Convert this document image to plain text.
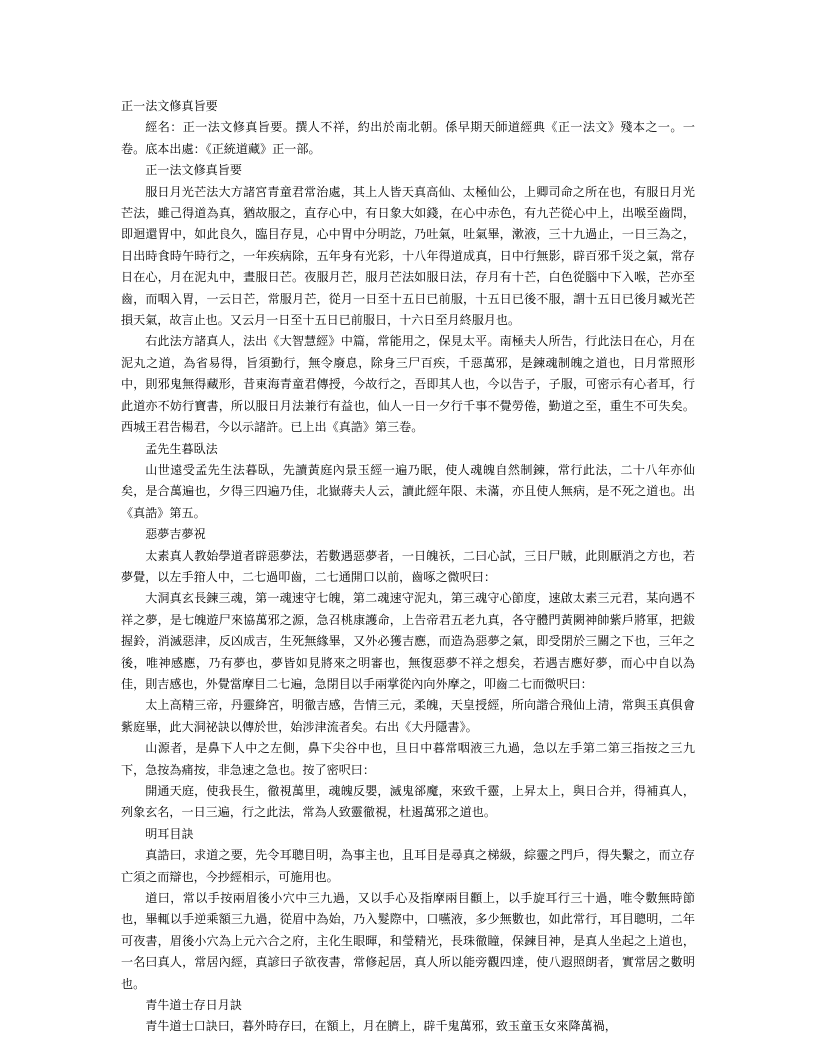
正一法文修真旨要

經名：正一法文修真旨要。撰人不祥，約出於南北朝。係早期天師道經典《正一法文》殘本之一。一卷。底本出處：《正統道藏》正一部。

正一法文修真旨要

服日月光芒法大方諸宮青童君常治處，其上人皆天真高仙、太極仙公，上卿司命之所在也，有服日月光芒法，雖己得道為真，猶故服之，直存心中，有日象大如錢，在心中赤色，有九芒從心中上，出喉至齒問，即迴還胃中，如此良久，臨目存見，心中胃中分明訖，乃吐氣，吐氣畢，漱液，三十九過止，一日三為之，日出時食時午時行之，一年疾病除，五年身有光彩，十八年得道成真，日中行無影，辟百邪千災之氣，常存日在心，月在泥丸中，晝服日芒。夜服月芒，服月芒法如服日法，存月有十芒，白色從腦中下入喉，芒亦至齒，而咽入胃，一云日芒，常服月芒，從月一日至十五日已前服，十五日已後不服，謂十五日已後月臧光芒損天氣，故言止也。又云月一日至十五日已前服日，十六日至月終服月也。

右此法方諸真人，法出《大智慧經》中篇，常能用之，保見太平。南極夫人所告，行此法日在心，月在泥丸之道，為省易得，旨須勤行，無令廢息，除身三尸百疾，千惡萬邪，是鍊魂制魄之道也，日月常照形中，則邪鬼無得藏形，昔東海青童君傳授，今故行之，吾即其人也，今以告子，子服，可密示有心者耳，行此道亦不妨行寶書，所以服日月法兼行有益也，仙人一日一夕行千事不覺勞倦，勤道之至，重生不可失矣。西城王君告楊君，今以示諸許。已上出《真誥》第三卷。

孟先生暮臥法

山世遠受孟先生法暮臥，先讀黃庭內景玉經一遍乃眠，使人魂魄自然制鍊，常行此法，二十八年亦仙矣，是合萬遍也，夕得三四遍乃佳，北嶽蔣夫人云，讀此經年限、未滿，亦且使人無病，是不死之道也。出《真誥》第五。

惡夢吉夢祝

太素真人教始學道者辟惡夢法，若數遇惡夢者，一日魄祅，二曰心試，三日尸賊，此則厭消之方也，若夢覺，以左手箝人中，二七過叩齒，二七通開口以前，齒啄之微呎曰：

大洞真玄長鍊三魂，第一魂速守七魄，第二魂速守泥丸，第三魂守心節度，速啟太素三元君，某向遇不祥之夢，是七魄遊尸來協萬邪之源，急召桃康護命，上告帝君五老九真，各守體門黃闕神帥紫戶將軍，把鈸握鈴，消滅惡津，反凶成吉，生死無緣畢，又外必獲吉應，而造為惡夢之氣，即受閉於三關之下也，三年之後，唯神感應，乃有夢也，夢皆如見將來之明審也，無復惡夢不祥之想矣，若遇吉應好夢，而心中自以為佳，則吉感也，外覺當摩目二七遍，急閉目以手兩掌從內向外摩之，叩齒二七而微呎曰：

太上高精三帝，丹靈絳宮，明徹吉感，告情三元，柔魄，天皇授經，所向諧合飛仙上清，常與玉真俱會紫庭畢，此大洞祕訣以傳於世，始涉津流者矣。右出《大丹隱書》。

山源者，是鼻下人中之左側，鼻下尖谷中也，旦日中暮常咽液三九過，急以左手第二第三指按之三九下，急按為痛按，非急速之急也。按了密呎曰：

開通天庭，使我長生，徹視萬里，魂魄反嬰，滅鬼郤魔，來致千靈，上昇太上，與日合并，得補真人，列象玄名，一日三遍，行之此法，常為人致靈徹視，杜遏萬邪之道也。

明耳目訣

真誥曰，求道之要，先令耳聰目明，為事主也，且耳目是尋真之梯級，綜靈之門戶，得失繫之，而立存亡須之而辯也，今抄經相示，可施用也。

道曰，常以手按兩眉後小穴中三九過，又以手心及指摩兩目顴上，以手旋耳行三十過，唯令數無時節也，畢輒以手逆乘額三九過，從眉中為始，乃入髮際中，口嚥液，多少無數也，如此常行，耳目聰明，二年可夜書，眉後小穴為上元六合之府，主化生眼暉，和瑩精光，長珠徹瞳，保鍊目神，是真人坐起之上道也，一名曰真人，常居內經，真諺曰子欲夜書，常修起居，真人所以能旁觀四達，使八遐照朗者，實常居之數明也。

青牛道士存日月訣

青牛道士口訣曰，暮外時存曰，在額上，月在臍上，辟千鬼萬邪，致玉童玉女來降萬禍，
